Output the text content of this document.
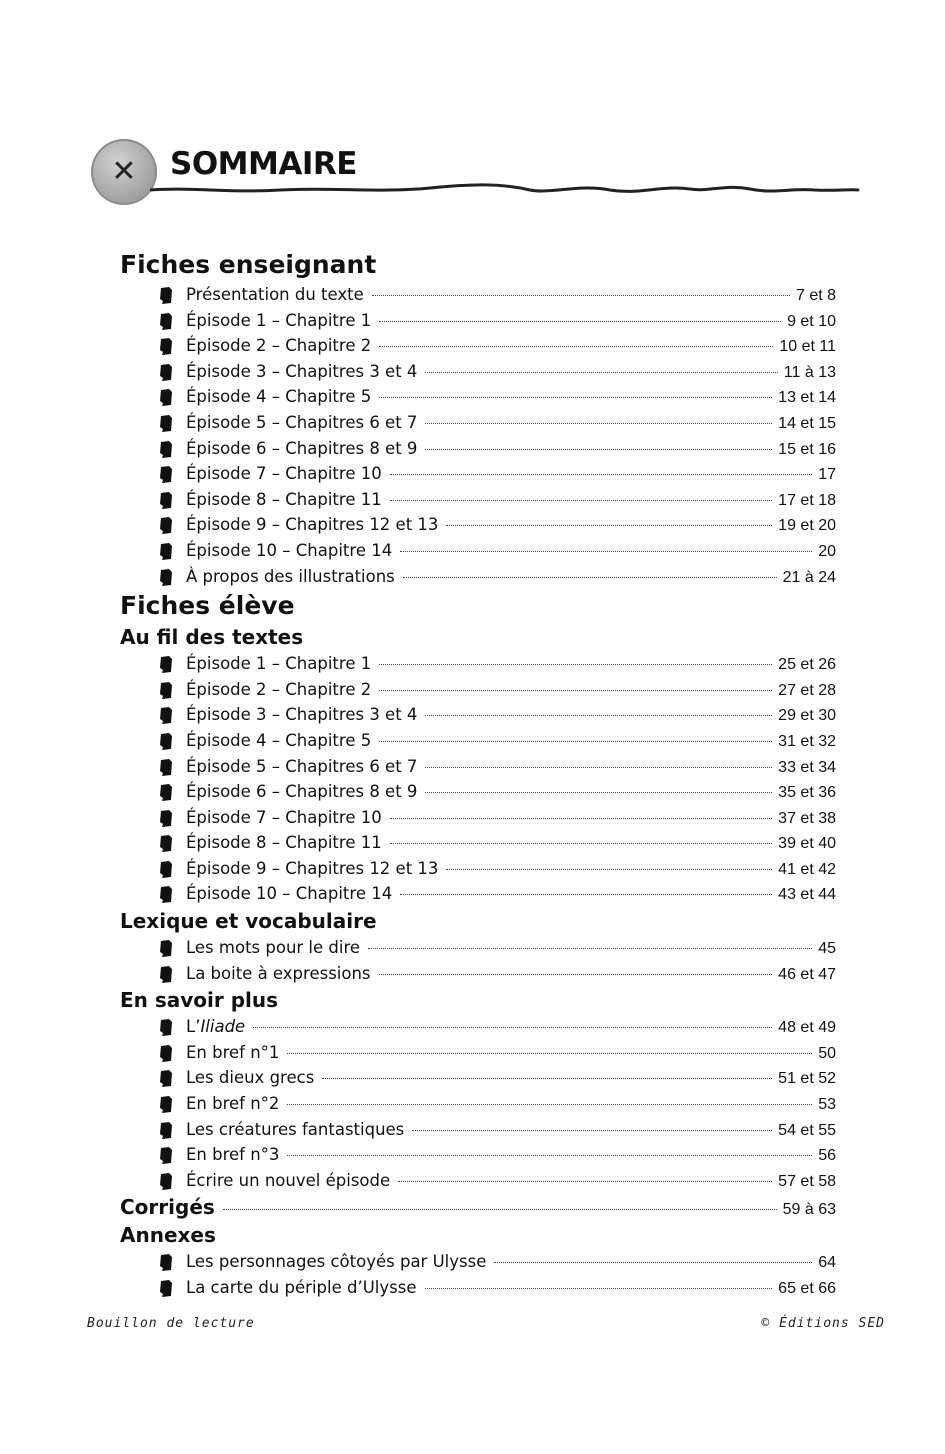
✕	SOMMAIRE
Fiches enseignant
Présentation du texte	7 et 8
Épisode 1 – Chapitre 1	9 et 10
Épisode 2 – Chapitre 2	10 et 11
Épisode 3 – Chapitres 3 et 4	11 à 13
Épisode 4 – Chapitre 5	13 et 14
Épisode 5 – Chapitres 6 et 7	14 et 15
Épisode 6 – Chapitres 8 et 9	15 et 16
Épisode 7 – Chapitre 10	17
Épisode 8 – Chapitre 11	17 et 18
Épisode 9 – Chapitres 12 et 13	19 et 20
Épisode 10 – Chapitre 14	20
À propos des illustrations	21 à 24
Fiches élève
Au fil des textes
Épisode 1 – Chapitre 1	25 et 26
Épisode 2 – Chapitre 2	27 et 28
Épisode 3 – Chapitres 3 et 4	29 et 30
Épisode 4 – Chapitre 5	31 et 32
Épisode 5 – Chapitres 6 et 7	33 et 34
Épisode 6 – Chapitres 8 et 9	35 et 36
Épisode 7 – Chapitre 10	37 et 38
Épisode 8 – Chapitre 11	39 et 40
Épisode 9 – Chapitres 12 et 13	41 et 42
Épisode 10 – Chapitre 14	43 et 44
Lexique et vocabulaire
Les mots pour le dire	45
La boite à expressions	46 et 47
En savoir plus
L’Iliade	48 et 49
En bref n°1	50
Les dieux grecs	51 et 52
En bref n°2	53
Les créatures fantastiques	54 et 55
En bref n°3	56
Écrire un nouvel épisode	57 et 58
Corrigés	59 à 63
Annexes
Les personnages côtoyés par Ulysse	64
La carte du périple d’Ulysse	65 et 66
Bouillon de lecture	© Éditions SED
